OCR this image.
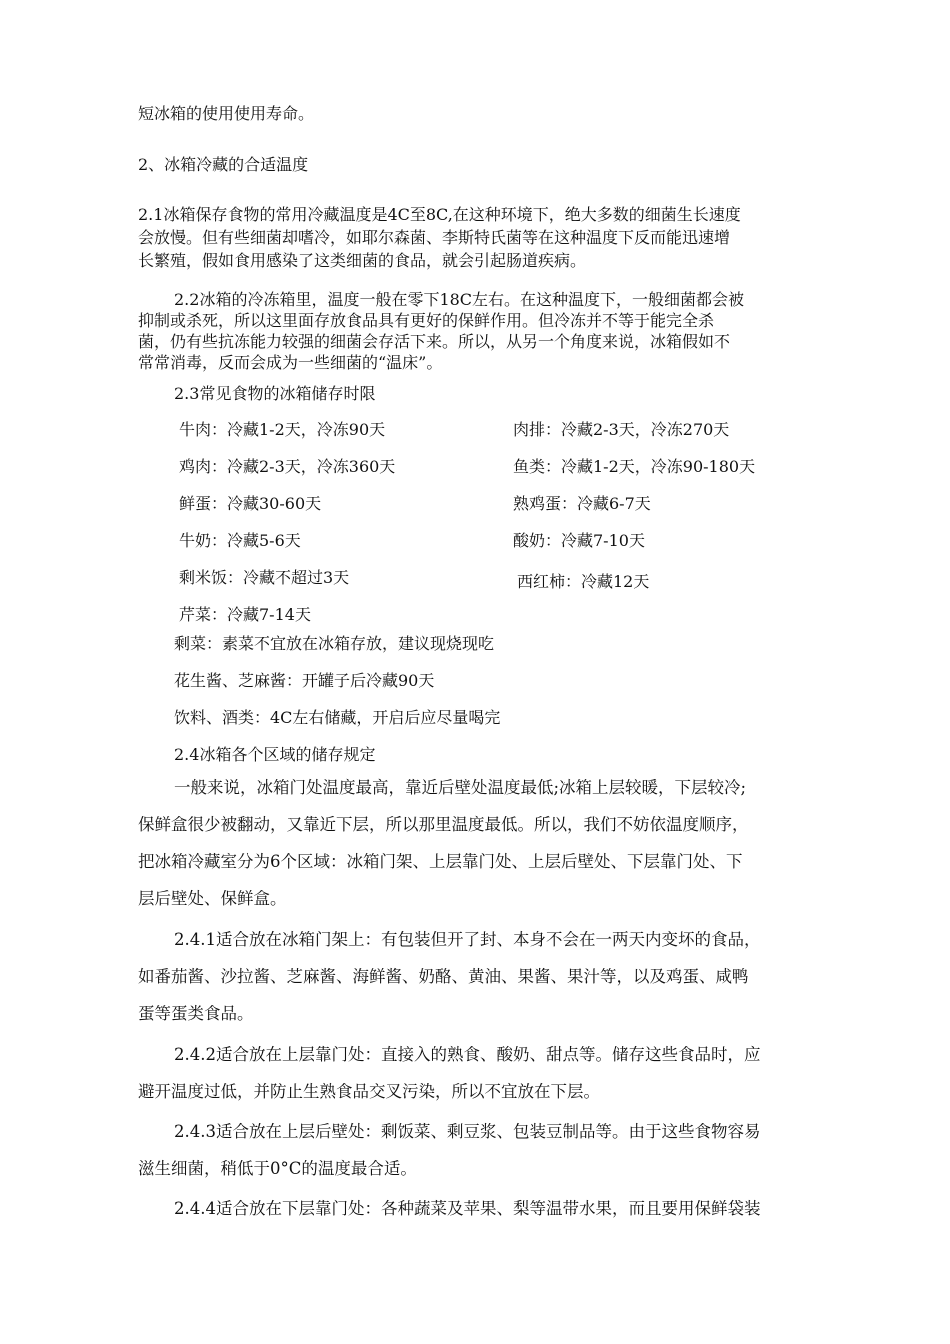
短冰箱的使用使用寿命。
2、冰箱冷藏的合适温度
2.1冰箱保存食物的常用冷藏温度是4C至8C,在这种环境下，绝大多数的细菌生长速度
会放慢。但有些细菌却嗜冷，如耶尔森菌、李斯特氏菌等在这种温度下反而能迅速增
长繁殖，假如食用感染了这类细菌的食品，就会引起肠道疾病。
2.2冰箱的冷冻箱里，温度一般在零下18C左右。在这种温度下，一般细菌都会被
抑制或杀死，所以这里面存放食品具有更好的保鲜作用。但冷冻并不等于能完全杀
菌，仍有些抗冻能力较强的细菌会存活下来。所以，从另一个角度来说，冰箱假如不
常常消毒，反而会成为一些细菌的“温床”。
2.3常见食物的冰箱储存时限
牛肉：冷藏1-2天，冷冻90天
鸡肉：冷藏2-3天，冷冻360天
鲜蛋：冷藏30-60天
牛奶：冷藏5-6天
剩米饭：冷藏不超过3天
芹菜：冷藏7-14天
肉排：冷藏2-3天，冷冻270天
鱼类：冷藏1-2天，冷冻90-180天
熟鸡蛋：冷藏6-7天
酸奶：冷藏7-10天
西红柿：冷藏12天
剩菜：素菜不宜放在冰箱存放，建议现烧现吃
花生酱、芝麻酱：开罐子后冷藏90天
饮料、酒类：4C左右储藏，开启后应尽量喝完
2.4冰箱各个区域的储存规定
一般来说，冰箱门处温度最高，靠近后壁处温度最低;冰箱上层较暖，下层较冷;
保鲜盒很少被翻动，又靠近下层，所以那里温度最低。所以，我们不妨依温度顺序，
把冰箱冷藏室分为6个区域：冰箱门架、上层靠门处、上层后壁处、下层靠门处、下
层后壁处、保鲜盒。
2.4.1适合放在冰箱门架上：有包装但开了封、本身不会在一两天内变坏的食品，
如番茄酱、沙拉酱、芝麻酱、海鲜酱、奶酪、黄油、果酱、果汁等，以及鸡蛋、咸鸭
蛋等蛋类食品。
2.4.2适合放在上层靠门处：直接入的熟食、酸奶、甜点等。储存这些食品时，应
避开温度过低，并防止生熟食品交叉污染，所以不宜放在下层。
2.4.3适合放在上层后壁处：剩饭菜、剩豆浆、包装豆制品等。由于这些食物容易
滋生细菌，稍低于0°C的温度最合适。
2.4.4适合放在下层靠门处：各种蔬菜及苹果、梨等温带水果，而且要用保鲜袋装
